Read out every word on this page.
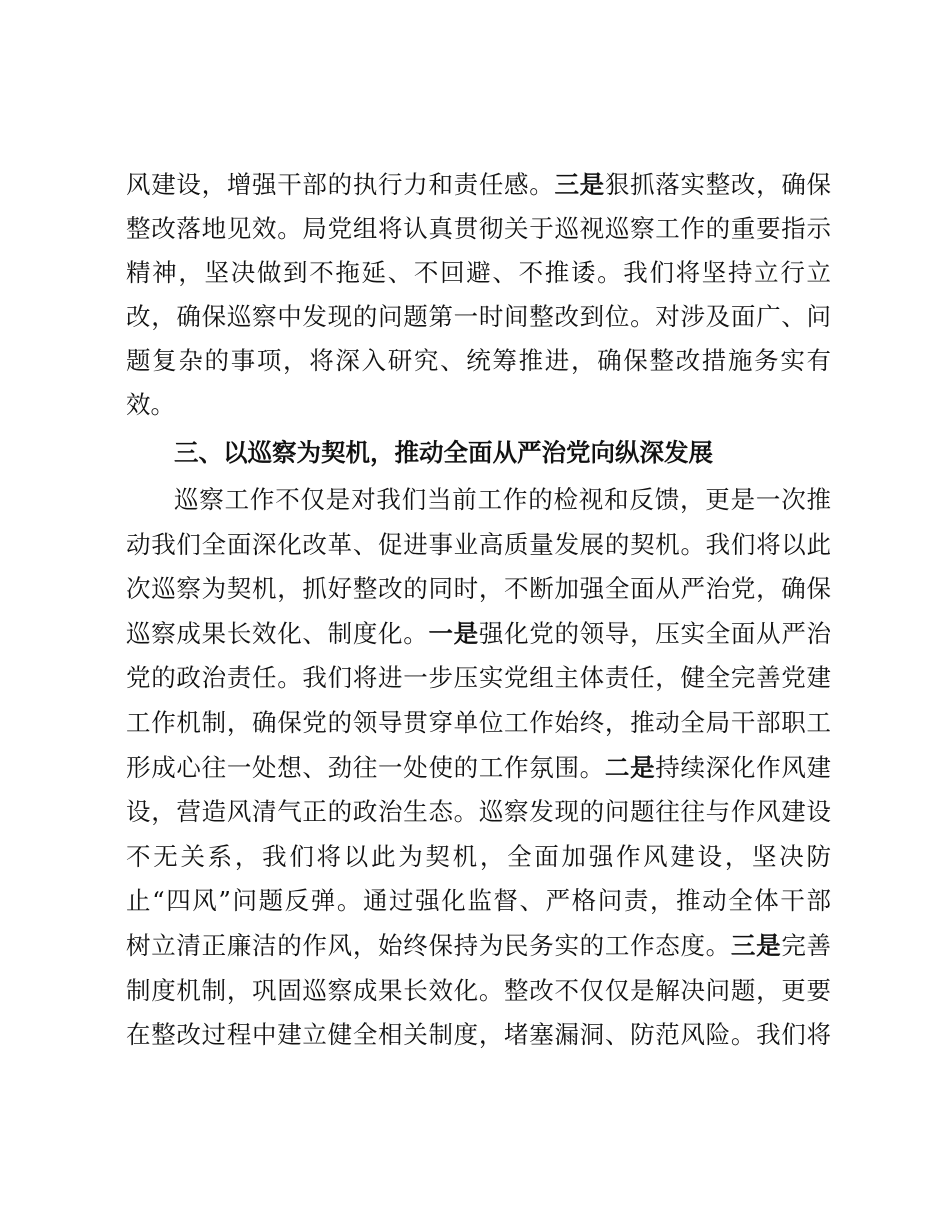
风建设，增强干部的执行力和责任感。三是狠抓落实整改，确保
整改落地见效。局党组将认真贯彻关于巡视巡察工作的重要指示
精神，坚决做到不拖延、不回避、不推诿。我们将坚持立行立
改，确保巡察中发现的问题第一时间整改到位。对涉及面广、问
题复杂的事项，将深入研究、统筹推进，确保整改措施务实有
效。
三、以巡察为契机，推动全面从严治党向纵深发展
巡察工作不仅是对我们当前工作的检视和反馈，更是一次推
动我们全面深化改革、促进事业高质量发展的契机。我们将以此
次巡察为契机，抓好整改的同时，不断加强全面从严治党，确保
巡察成果长效化、制度化。一是强化党的领导，压实全面从严治
党的政治责任。我们将进一步压实党组主体责任，健全完善党建
工作机制，确保党的领导贯穿单位工作始终，推动全局干部职工
形成心往一处想、劲往一处使的工作氛围。二是持续深化作风建
设，营造风清气正的政治生态。巡察发现的问题往往与作风建设
不无关系，我们将以此为契机，全面加强作风建设，坚决防
止“四风”问题反弹。通过强化监督、严格问责，推动全体干部
树立清正廉洁的作风，始终保持为民务实的工作态度。三是完善
制度机制，巩固巡察成果长效化。整改不仅仅是解决问题，更要
在整改过程中建立健全相关制度，堵塞漏洞、防范风险。我们将
